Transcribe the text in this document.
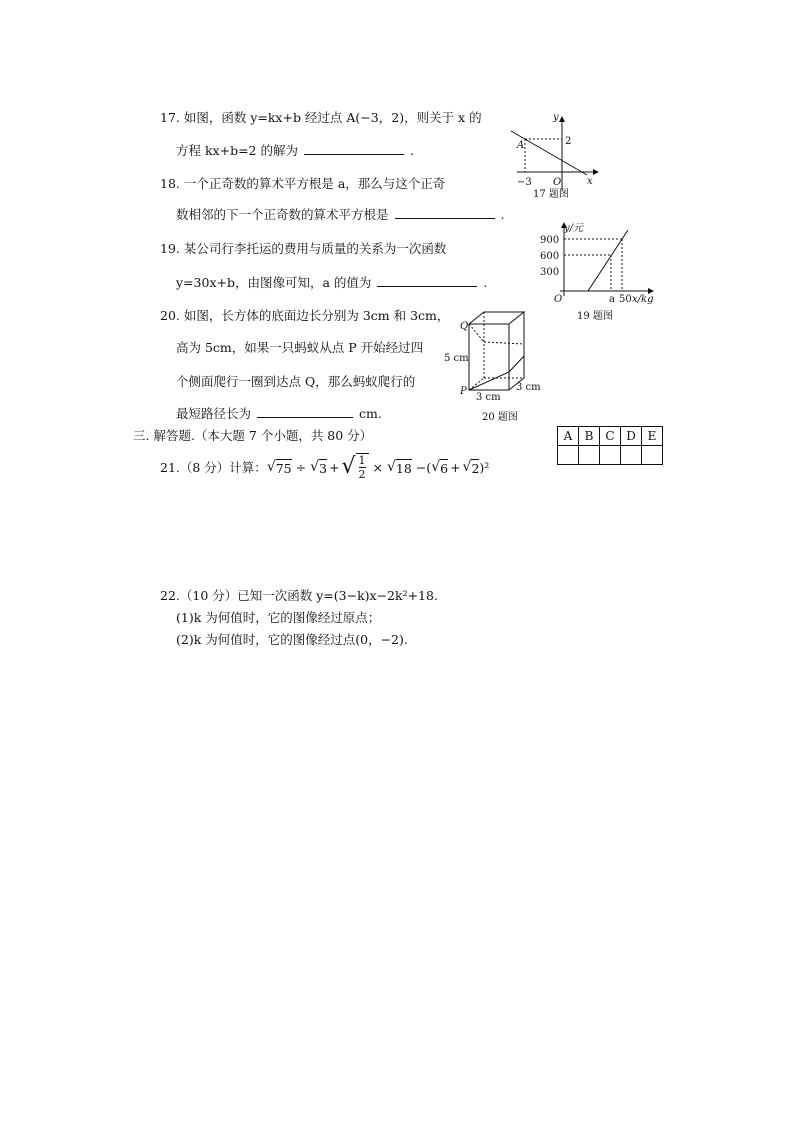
17. 如图，函数 y=kx+b 经过点 A(−3，2)，则关于 x 的
方程 kx+b=2 的解为	.
y
x
A	2
−3 O
17 题图
18. 一个正奇数的算术平方根是 a，那么与这个正奇
数相邻的下一个正奇数的算术平方根是	.
19. 某公司行李托运的费用与质量的关系为一次函数
y=30x+b，由图像可知，a 的值为	.
y/元
900
600
300
O	a 50 x/kg
19 题图
20. 如图，长方体的底面边长分别为 3cm 和 3cm，
高为 5cm，如果一只蚂蚁从点 P 开始经过四
个侧面爬行一圈到达点 Q，那么蚂蚁爬行的
最短路径长为	cm.
Q
P
5 cm
3 cm
3 cm
20 题图
三. 解答题.（本大题 7 个小题，共 80 分）	A	B	C	D	E

21.（8 分）计算： √ 75 ÷ √ 3 + √ $\frac{1}{2}$ × √ 18 −( √ 6 + √ 2 )²
22.（10 分）已知一次函数 y=(3−k)x−2k²+18.
(1)k 为何值时，它的图像经过原点；
(2)k 为何值时，它的图像经过点(0，−2).
